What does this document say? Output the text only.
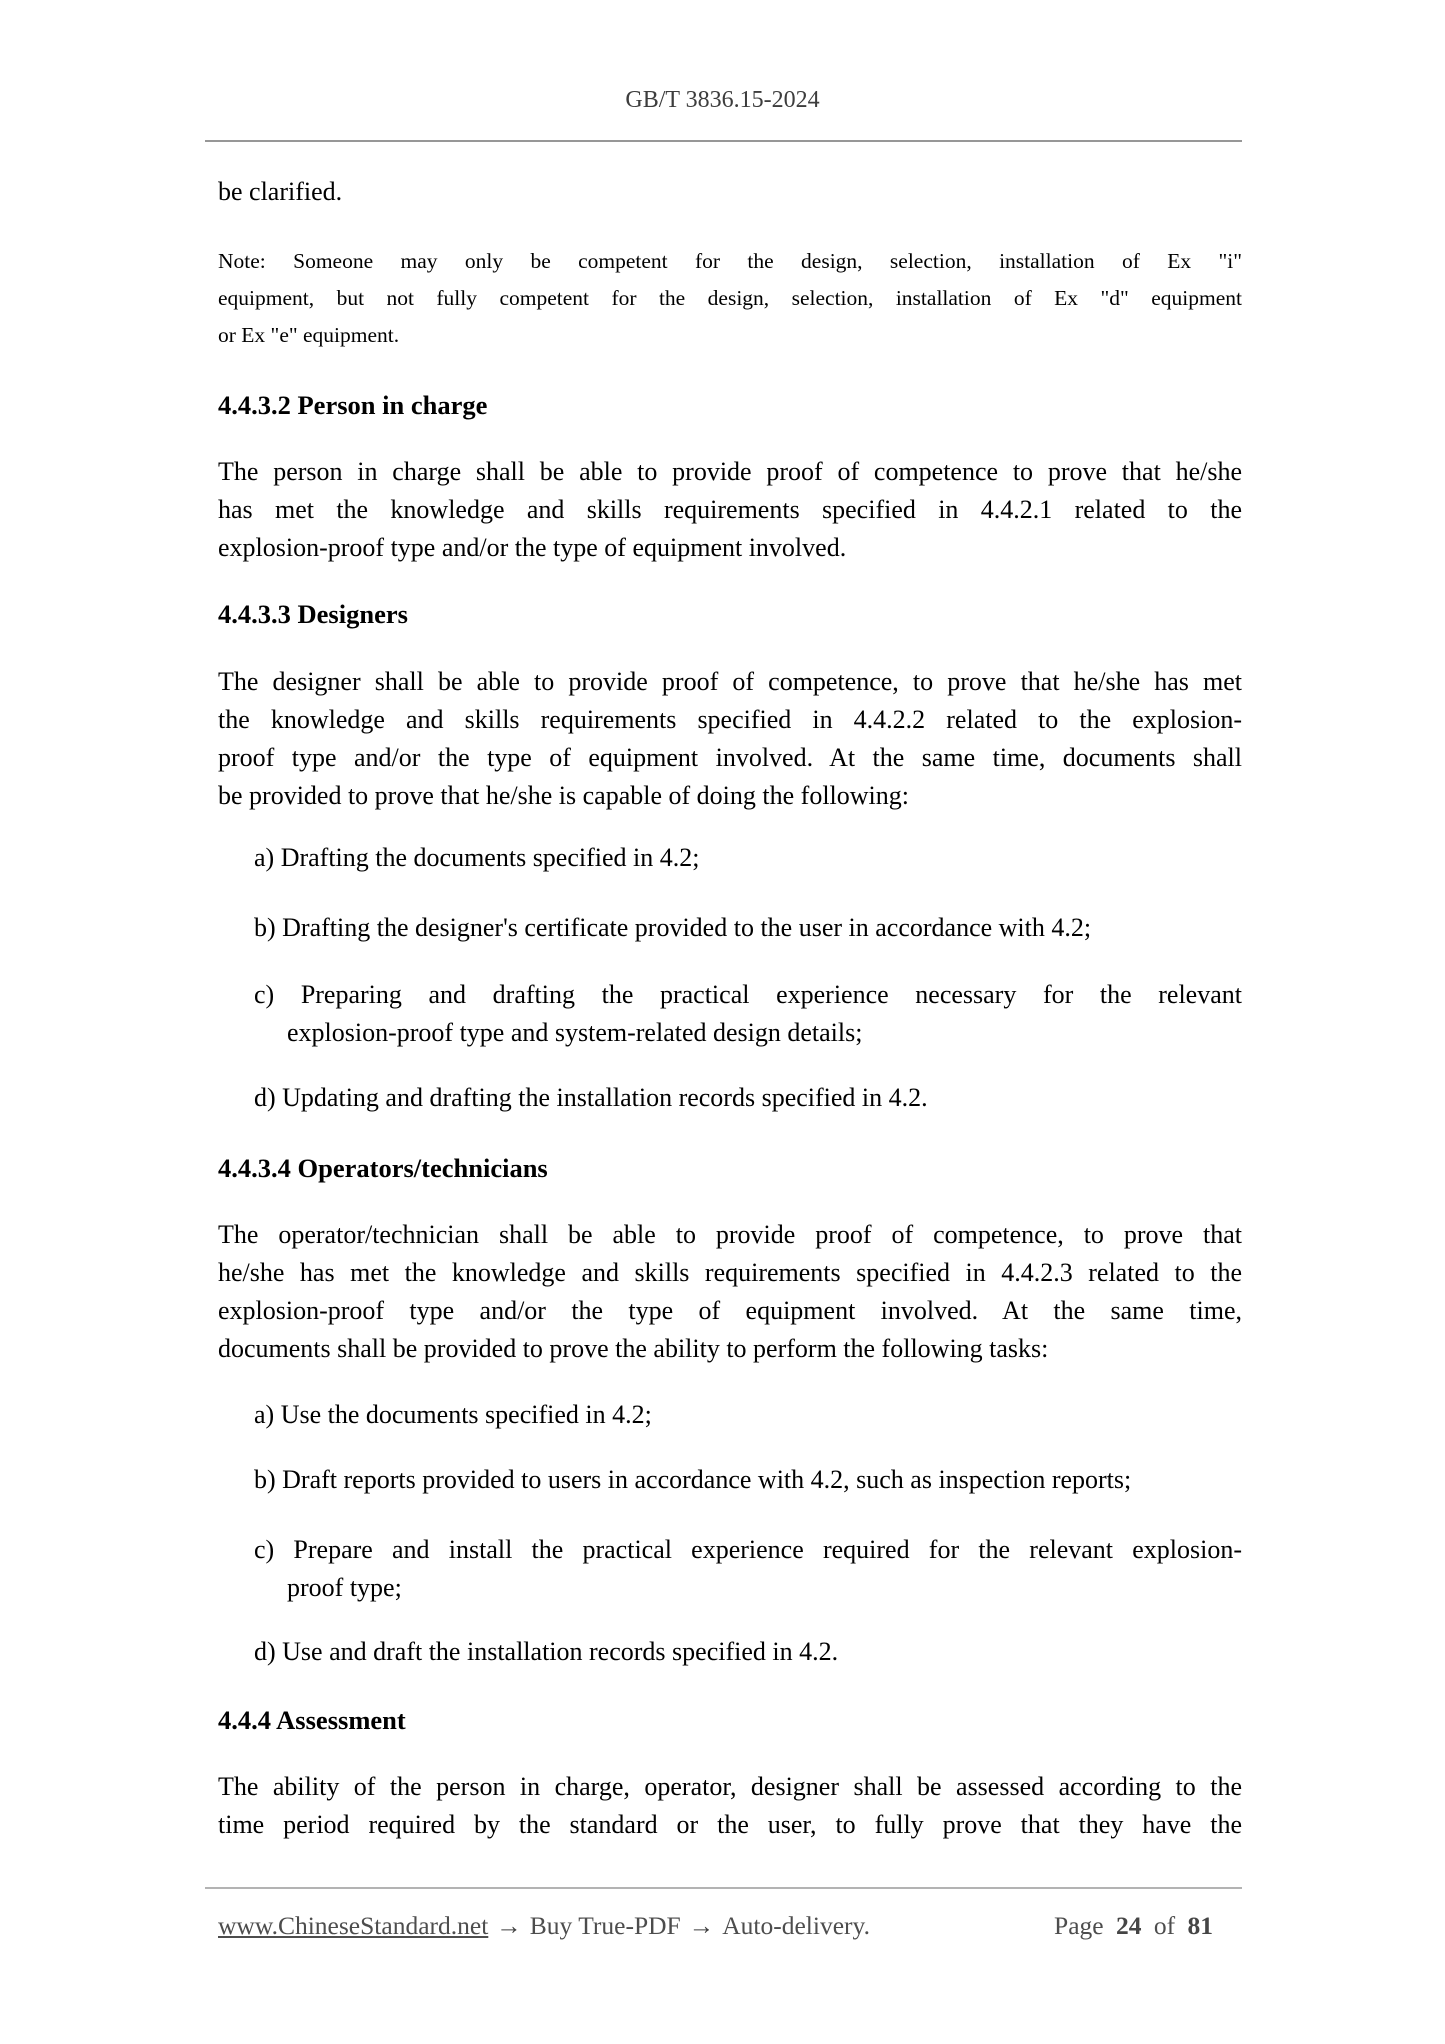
GB/T 3836.15-2024
be clarified.
Note: Someone may only be competent for the design, selection, installation of Ex "i"
equipment, but not fully competent for the design, selection, installation of Ex "d" equipment
or Ex "e" equipment.
4.4.3.2 Person in charge
The person in charge shall be able to provide proof of competence to prove that he/she
has met the knowledge and skills requirements specified in 4.4.2.1 related to the
explosion-proof type and/or the type of equipment involved.
4.4.3.3 Designers
The designer shall be able to provide proof of competence, to prove that he/she has met
the knowledge and skills requirements specified in 4.4.2.2 related to the explosion-
proof type and/or the type of equipment involved. At the same time, documents shall
be provided to prove that he/she is capable of doing the following:
a) Drafting the documents specified in 4.2;
b) Drafting the designer's certificate provided to the user in accordance with 4.2;
c) Preparing and drafting the practical experience necessary for the relevant
explosion-proof type and system-related design details;
d) Updating and drafting the installation records specified in 4.2.
4.4.3.4 Operators/technicians
The operator/technician shall be able to provide proof of competence, to prove that
he/she has met the knowledge and skills requirements specified in 4.4.2.3 related to the
explosion-proof type and/or the type of equipment involved. At the same time,
documents shall be provided to prove the ability to perform the following tasks:
a) Use the documents specified in 4.2;
b) Draft reports provided to users in accordance with 4.2, such as inspection reports;
c) Prepare and install the practical experience required for the relevant explosion-
proof type;
d) Use and draft the installation records specified in 4.2.
4.4.4 Assessment
The ability of the person in charge, operator, designer shall be assessed according to the
time period required by the standard or the user, to fully prove that they have the
www.ChineseStandard.net → Buy True-PDF → Auto-delivery.	Page 24 of 81
